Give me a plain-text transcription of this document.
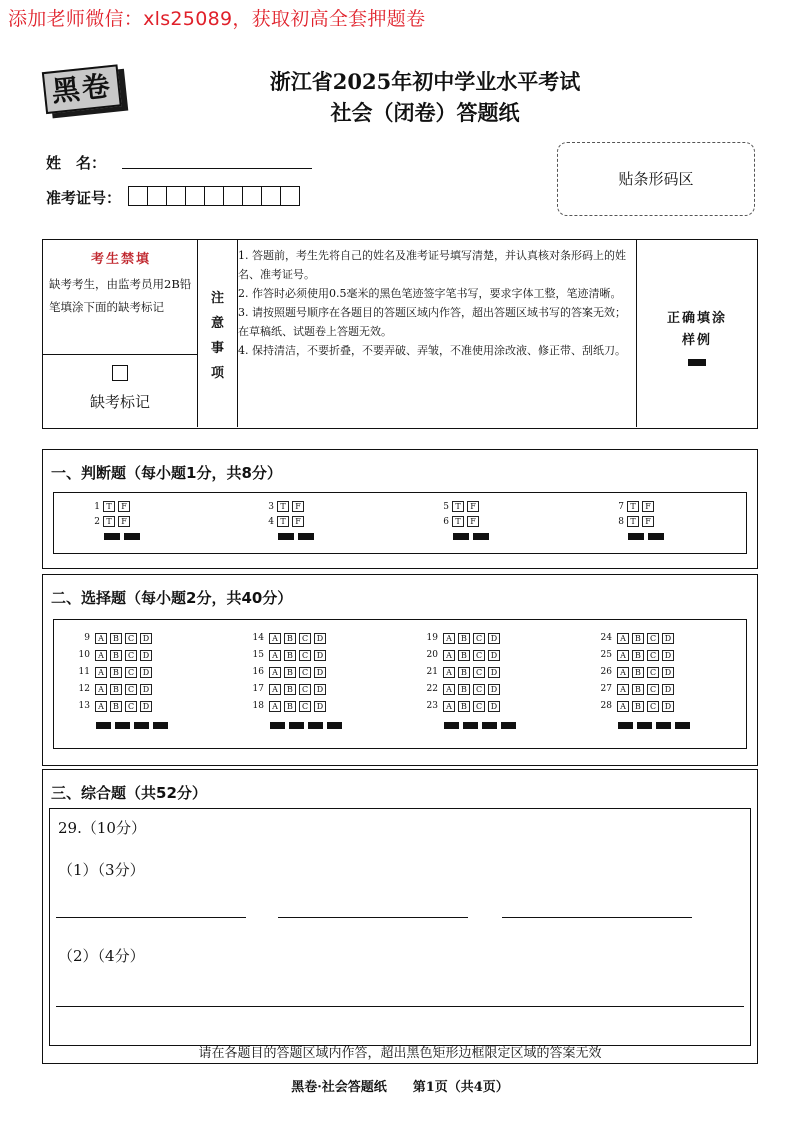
添加老师微信：xls25089，获取初高全套押题卷
黑卷	浙江省2025年初中学业水平考试
社会（闭卷）答题纸
姓　名：
准考证号：
贴条形码区
考生禁填
缺考考生，由监考员用2B铅笔填涂下面的缺考标记
缺考标记
注
意
事
项
1. 答题前，考生先将自己的姓名及准考证号填写清楚，并认真核对条形码上的姓名、准考证号。
2. 作答时必须使用0.5毫米的黑色笔迹签字笔书写，要求字体工整，笔迹清晰。
3. 请按照题号顺序在各题目的答题区域内作答，超出答题区域书写的答案无效；在草稿纸、试题卷上答题无效。
4. 保持清洁，不要折叠，不要弄破、弄皱，不准使用涂改液、修正带、刮纸刀。
正确填涂
样例
一、判断题（每小题1分，共8分）
1 T	F
2 T	F
3 T	F
4 T	F
5 T	F
6 T	F
7 T	F
8 T	F
二、选择题（每小题2分，共40分）
9	A	B	C	D
10	A	B	C	D
11	A	B	C	D
12	A	B	C	D
13	A	B	C	D
14	A	B	C	D
15	A	B	C	D
16	A	B	C	D
17	A	B	C	D
18	A	B	C	D
19	A	B	C	D
20	A	B	C	D
21	A	B	C	D
22	A	B	C	D
23	A	B	C	D
24	A	B	C	D
25	A	B	C	D
26	A	B	C	D
27	A	B	C	D
28	A	B	C	D
三、综合题（共52分）
29.（10分）
（1）（3分）
（2）（4分）
请在各题目的答题区域内作答，超出黑色矩形边框限定区域的答案无效
黑卷·社会答题纸　　第1页（共4页）
